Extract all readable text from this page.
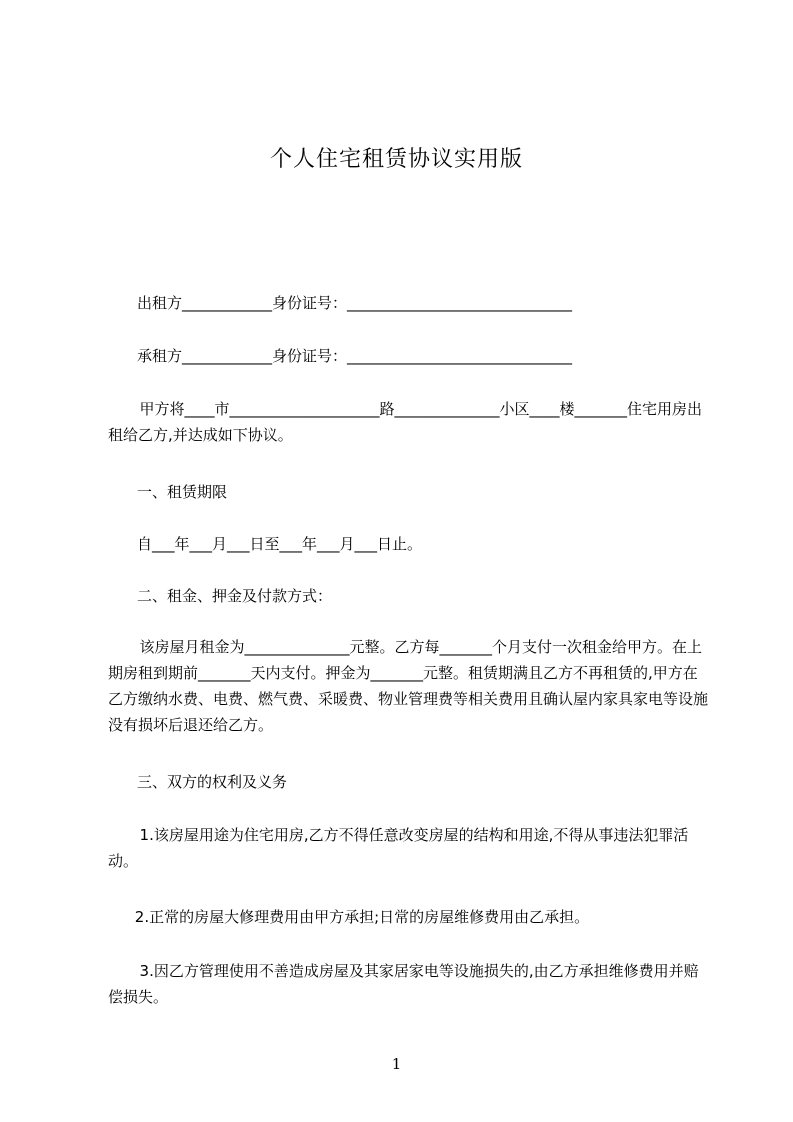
个人住宅租赁协议实用版
出租方____________身份证号：______________________________
承租方____________身份证号：______________________________
甲方将____市____________________路______________小区____楼_______住宅用房出租给乙方,并达成如下协议。
一、租赁期限
自___年___月___日至___年___月___日止。
二、租金、押金及付款方式：
该房屋月租金为______________元整。乙方每_______个月支付一次租金给甲方。在上期房租到期前_______天内支付。押金为_______元整。租赁期满且乙方不再租赁的,甲方在乙方缴纳水费、电费、燃气费、采暖费、物业管理费等相关费用且确认屋内家具家电等设施没有损坏后退还给乙方。
三、双方的权利及义务
1.该房屋用途为住宅用房,乙方不得任意改变房屋的结构和用途,不得从事违法犯罪活动。
2.正常的房屋大修理费用由甲方承担;日常的房屋维修费用由乙承担。
3.因乙方管理使用不善造成房屋及其家居家电等设施损失的,由乙方承担维修费用并赔偿损失。
1
